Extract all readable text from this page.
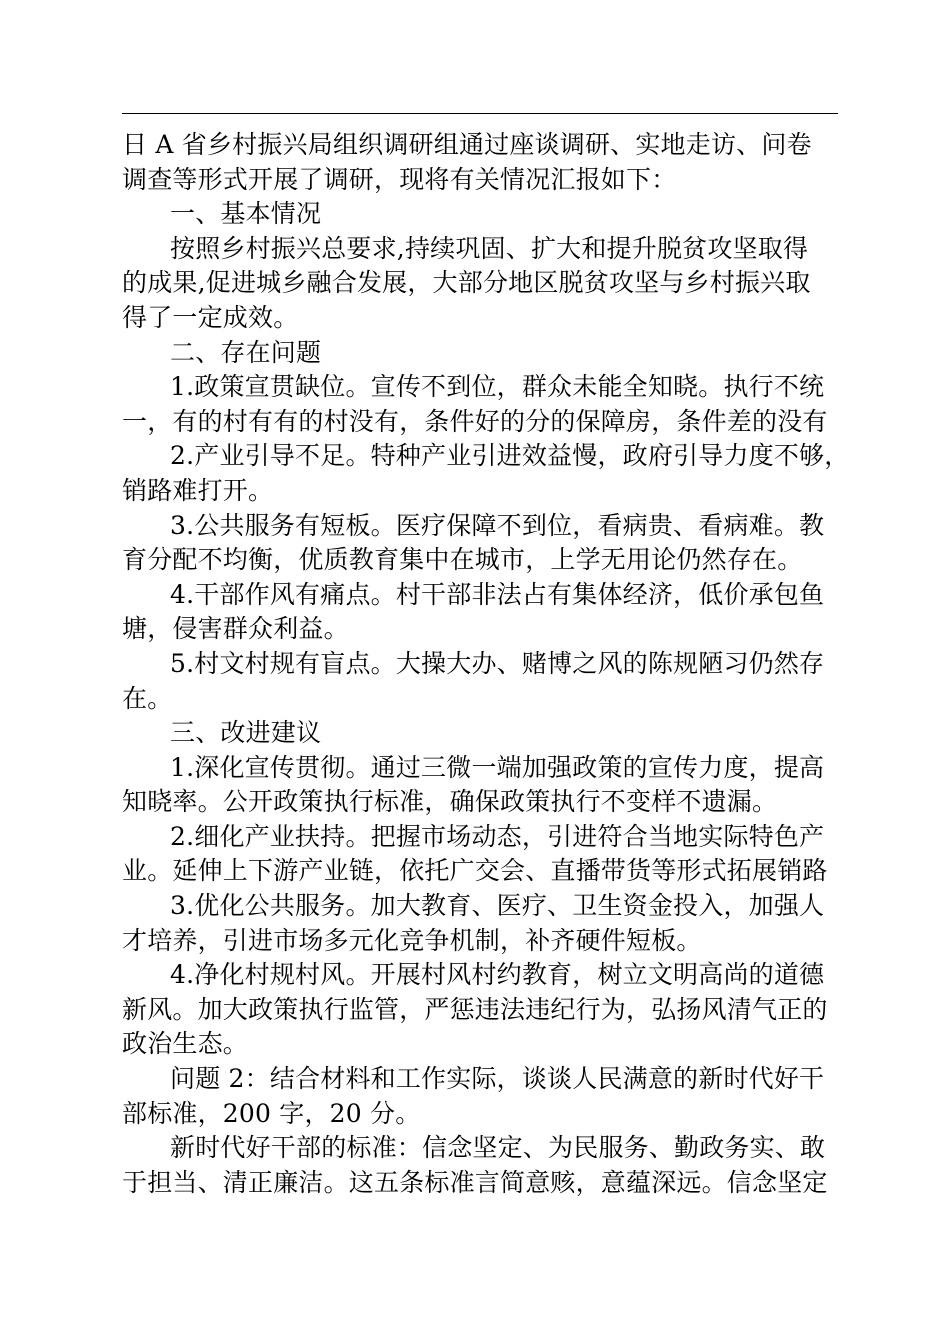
日 A 省乡村振兴局组织调研组通过座谈调研、实地走访、问卷
调查等形式开展了调研，现将有关情况汇报如下：
一、基本情况
按照乡村振兴总要求,持续巩固、扩大和提升脱贫攻坚取得
的成果,促进城乡融合发展，大部分地区脱贫攻坚与乡村振兴取
得了一定成效。
二、存在问题
1.政策宣贯缺位。宣传不到位，群众未能全知晓。执行不统
一，有的村有有的村没有，条件好的分的保障房，条件差的没有
2.产业引导不足。特种产业引进效益慢，政府引导力度不够，
销路难打开。
3.公共服务有短板。医疗保障不到位，看病贵、看病难。教
育分配不均衡，优质教育集中在城市，上学无用论仍然存在。
4.干部作风有痛点。村干部非法占有集体经济，低价承包鱼
塘，侵害群众利益。
5.村文村规有盲点。大操大办、赌博之风的陈规陋习仍然存
在。
三、改进建议
1.深化宣传贯彻。通过三微一端加强政策的宣传力度，提高
知晓率。公开政策执行标准，确保政策执行不变样不遗漏。
2.细化产业扶持。把握市场动态，引进符合当地实际特色产
业。延伸上下游产业链，依托广交会、直播带货等形式拓展销路
3.优化公共服务。加大教育、医疗、卫生资金投入，加强人
才培养，引进市场多元化竞争机制，补齐硬件短板。
4.净化村规村风。开展村风村约教育，树立文明高尚的道德
新风。加大政策执行监管，严惩违法违纪行为，弘扬风清气正的
政治生态。
问题 2：结合材料和工作实际，谈谈人民满意的新时代好干
部标准，200 字，20 分。
新时代好干部的标准：信念坚定、为民服务、勤政务实、敢
于担当、清正廉洁。这五条标准言简意赅，意蕴深远。信念坚定
